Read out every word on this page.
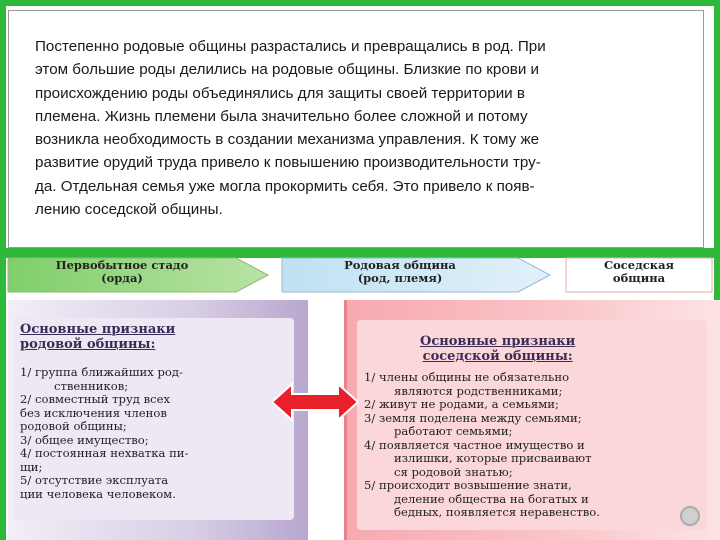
Постепенно родовые общины разрастались и превращались в род. При
этом большие роды делились на родовые общины. Близкие по крови и
происхождению роды объединялись для защиты своей территории в
племена. Жизнь племени была значительно более сложной и потому
возникла необходимость в создании механизма управления. К тому же
развитие орудий труда привело к повышению производительности тру-
да. Отдельная семья уже могла прокормить себя. Это привело к появ-
лению соседской общины.
Первобытное стадо
(орда)
Родовая община
(род, племя)
Соседская
община
Основные признаки
родовой общины:
1/ группа ближайших род-
ственников;
2/ совместный труд всех
без исключения членов
родовой общины;
3/ общее имущество;
4/ постоянная нехватка пи-
щи;
5/ отсутствие эксплуата
ции человека человеком.
Основные признаки
соседской общины:
1/ члены общины не обязательно
являются родственниками;
2/ живут не родами, а семьями;
3/ земля поделена между семьями;
работают семьями;
4/ появляется частное имущество и
излишки, которые присваивают
ся родовой знатью;
5/ происходит возвышение знати,
деление общества на богатых и
бедных, появляется неравенство.
